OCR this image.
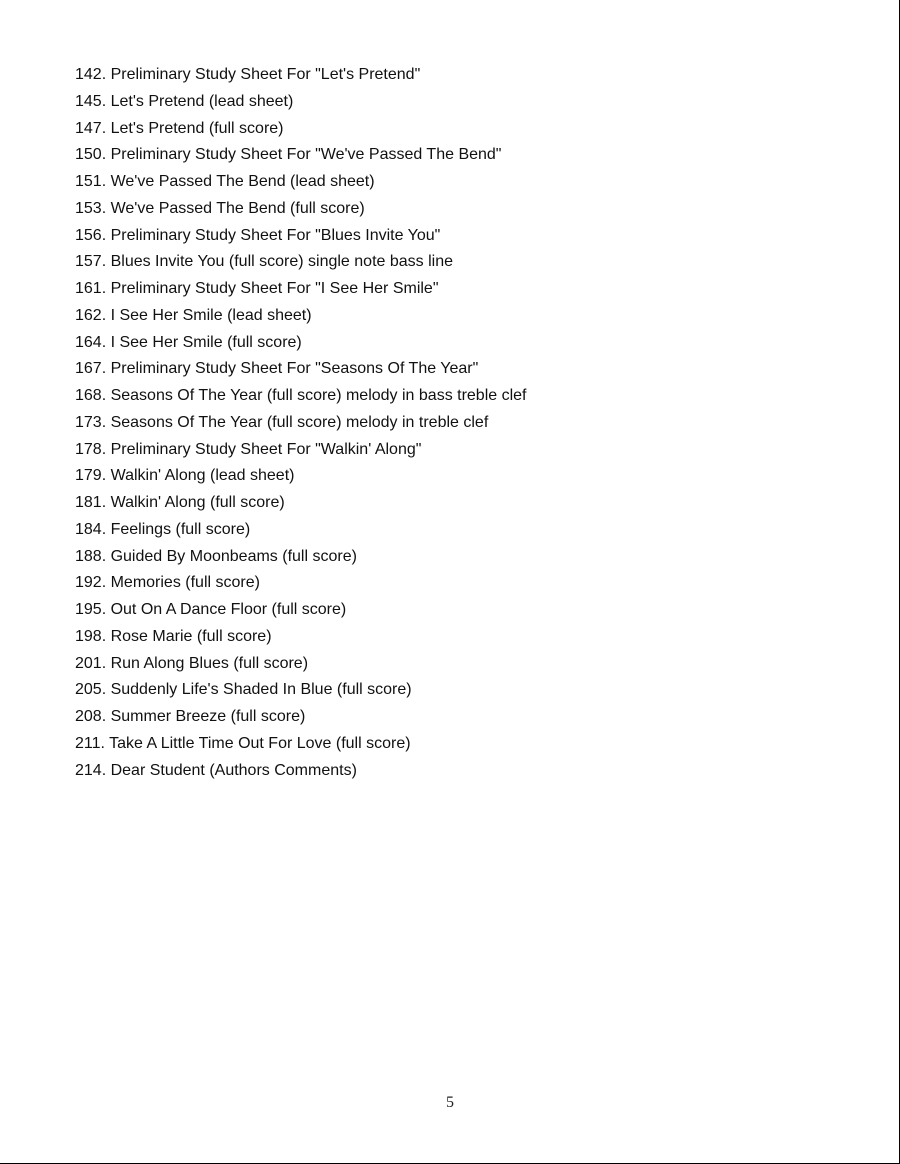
142. Preliminary Study Sheet For "Let's Pretend"
145. Let's Pretend (lead sheet)
147. Let's Pretend (full score)
150. Preliminary Study Sheet For "We've Passed The Bend"
151. We've Passed The Bend (lead sheet)
153. We've Passed The Bend (full score)
156. Preliminary Study Sheet For "Blues Invite You"
157. Blues Invite You (full score) single note bass line
161. Preliminary Study Sheet For "I See Her Smile"
162. I See Her Smile (lead sheet)
164. I See Her Smile (full score)
167. Preliminary Study Sheet For "Seasons Of The Year"
168. Seasons Of The Year (full score) melody in bass treble clef
173. Seasons Of The Year (full score) melody in treble clef
178. Preliminary Study Sheet For "Walkin' Along"
179. Walkin' Along (lead sheet)
181. Walkin' Along (full score)
184. Feelings (full score)
188. Guided By Moonbeams (full score)
192. Memories (full score)
195. Out On A Dance Floor (full score)
198. Rose Marie (full score)
201. Run Along Blues (full score)
205. Suddenly Life's Shaded In Blue (full score)
208. Summer Breeze (full score)
211. Take A Little Time Out For Love (full score)
214. Dear Student (Authors Comments)
5
